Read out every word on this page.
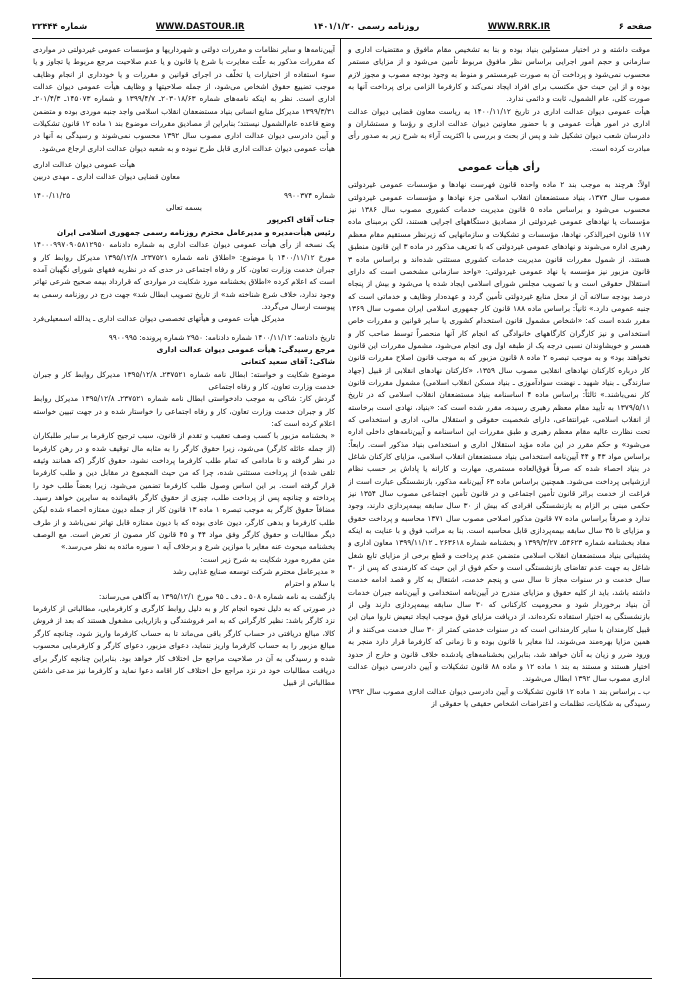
شماره ۲۲۴۴۴	WWW.DASTOUR.IR	روزنامه رسمی ۱۴۰۱/۱/۲۰	WWW.RRK.IR	صفحه ۶

موقت داشته و در اختیار مسئولین بنیاد بوده و بنا به تشخیص مقام مافوق و مقتضیات اداری و سازمانی و حجم امور اجرایی براساس نظر مافوق مربوط تأمین می‌شود و از مزایای مستمر محسوب نمی‌شود و پرداخت آن به صورت غیرمستمر و منوط به وجود بودجه مصوب و مجوز لازم بوده و از این حیث حق مکتسب برای افراد ایجاد نمی‌کند و کارفرما الزامی برای پرداخت آنها به صورت کلی، عام الشمول، ثابت و دائمی ندارد.

هیأت عمومی دیوان عدالت اداری در تاریخ ۱۴۰۰/۱۱/۱۲ به ریاست معاون قضایی دیوان عدالت اداری در امور هیأت عمومی و با حضور معاونین دیوان عدالت اداری و رؤسا و مستشاران و دادرسان شعب دیوان تشکیل شد و پس از بحث و بررسی با اکثریت آراء به شرح زیر به صدور رأی مبادرت کرده است.

رأی هیأت عمومی

اولاً: هرچند به موجب بند ۲ ماده واحده قانون فهرست نهادها و مؤسسات عمومی غیردولتی مصوب سال ۱۳۷۳، بنیاد مستضعفان انقلاب اسلامی جزء نهادها و مؤسسات عمومی غیردولتی محسوب می‌شود و براساس ماده ۵ قانون مدیریت خدمات کشوری مصوب سال ۱۳۸۶ نیز مؤسسات یا نهادهای عمومی غیردولتی از مصادیق دستگاههای اجرایی هستند، لکن برمبنای ماده ۱۱۷ قانون اخیرالذکر، نهادها، مؤسسات و تشکیلات و سازمانهایی که زیرنظر مستقیم مقام معظم رهبری اداره می‌شوند و نهادهای عمومی غیردولتی که با تعریف مذکور در ماده ۳ این قانون منطبق هستند، از شمول مقررات قانون مدیریت خدمات کشوری مستثنی شده‌اند و براساس ماده ۳ قانون مزبور نیز مؤسسه یا نهاد عمومی غیردولتی: «واحد سازمانی مشخصی است که دارای استقلال حقوقی است و با تصویب مجلس شورای اسلامی ایجاد شده یا می‌شود و بیش از پنجاه درصد بودجه سالانه آن از محل منابع غیردولتی تأمین گردد و عهده‌دار وظایف و خدماتی است که جنبه عمومی دارد.» ثانیاً: براساس ماده ۱۸۸ قانون کار جمهوری اسلامی ایران مصوب سال ۱۳۶۹ مقرر شده است که: «اشخاص مشمول قانون استخدام کشوری یا سایر قوانین و مقررات خاص استخدامی و نیز کارگران کارگاههای خانوادگی که انجام کار آنها منحصراً توسط صاحب کار و همسر و خویشاوندان نسبی درجه یک از طبقه اول وی انجام می‌شود، مشمول مقررات این قانون نخواهند بود» و به موجب تبصره ۲ ماده ۸ قانون مزبور که به موجب قانون اصلاح مقررات قانون کار درباره کارکنان نهادهای انقلابی مصوب سال ۱۳۵۹، «کارکنان نهادهای انقلابی از قبیل (جهاد سازندگی ـ بنیاد شهید ـ نهضت سوادآموزی ـ بنیاد مسکن انقلاب اسلامی) مشمول مقررات قانون کار نمی‌باشند.» ثالثاً: براساس ماده ۴ اساسنامه بنیاد مستضعفان انقلاب اسلامی که در تاریخ ۱۳۷۹/۵/۱۱ به تأیید مقام معظم رهبری رسیده، مقرر شده است که: «بنیاد، نهادی است برخاسته از انقلاب اسلامی، غیرانتفاعی، دارای شخصیت حقوقی و استقلال مالی، اداری و استخدامی که تحت نظارت عالیه مقام معظم رهبری و طبق مقررات این اساسنامه و آیین‌نامه‌های داخلی اداره می‌شود» و حکم مقرر در این ماده مؤید استقلال اداری و استخدامی بنیاد مذکور است. رابعاً: براساس مواد ۴۳ و ۴۴ آیین‌نامه استخدامی بنیاد مستضعفان انقلاب اسلامی، مزایای کارکنان شاغل در بنیاد احصاء شده که صرفاً فوق‌العاده مستمری، مهارت و کارانه یا پاداش بر حسب نظام ارزشیابی پرداخت می‌شود. همچنین براساس ماده ۶۳ آیین‌نامه مذکور، بازنشستگی عبارت است از فراغت از خدمت براثر قانون تأمین اجتماعی و در قانون تأمین اجتماعی مصوب سال ۱۳۵۴ نیز حکمی مبنی بر الزام به بازنشستگی افرادی که بیش از ۳۰ سال سابقه بیمه‌پردازی دارند، وجود ندارد و صرفاً براساس ماده ۷۷ قانون مذکور اصلاحی مصوب سال ۱۳۷۱ محاسبه و پرداخت حقوق و مزایای تا ۳۵ سال سابقه بیمه‌پردازی قابل محاسبه است. بنا به مراتب فوق و با عنایت به اینکه مفاد بخشنامه شماره ۵۴۶۲۳ـ ۱۳۹۹/۳/۲۷ و بخشنامه شماره ۲۶۳۶۱۸ ـ ۱۳۹۹/۱۱/۱۲ معاون اداری و پشتیبانی بنیاد مستضعفان انقلاب اسلامی متضمن عدم پرداخت و قطع برخی از مزایای تابع شغل شاغل به جهت عدم تقاضای بازنشستگی است و حکم فوق از این حیث که کارمندی که پس از ۳۰ سال خدمت و در سنوات مجاز تا سال سی و پنجم خدمت، اشتغال به کار و قصد ادامه خدمت داشته باشد، باید از کلیه حقوق و مزایای مندرج در آیین‌نامه استخدامی و آیین‌نامه جبران خدمات آن بنیاد برخوردار شود و محرومیت کارکنانی که ۳۰ سال سابقه بیمه‌پردازی دارند ولی از بازنشستگی به اختیار استفاده نکرده‌اند، از دریافت مزایای فوق موجب ایجاد تبعیض ناروا میان این قبیل کارمندان با سایر کارمندانی است که در سنوات خدمتی کمتر از ۳۰ سال خدمت می‌کنند و از همین مزایا بهره‌مند می‌شوند، لذا مغایر با قانون بوده و تا زمانی که کارفرما قرار دارد منجر به ورود ضرر و زیان به آنان خواهد شد، بنابراین بخشنامه‌های یادشده خلاف قانون و خارج از حدود اختیار هستند و مستند به بند ۱ ماده ۱۲ و ماده ۸۸ قانون تشکیلات و آیین دادرسی دیوان عدالت اداری مصوب سال ۱۳۹۲ ابطال می‌شوند.

ب ـ براساس بند ۱ ماده ۱۲ قانون تشکیلات و آیین دادرسی دیوان عدالت اداری مصوب سال ۱۳۹۲ رسیدگی به شکایات، تظلمات و اعتراضات اشخاص حقیقی یا حقوقی از

آیین‌نامه‌ها و سایر نظامات و مقررات دولتی و شهرداریها و مؤسسات عمومی غیردولتی در مواردی که مقررات مذکور به علّت مغایرت با شرع یا قانون و یا عدم صلاحیت مرجع مربوط یا تجاوز و یا سوء استفاده از اختیارات یا تخلّف در اجرای قوانین و مقررات و یا خودداری از انجام وظایف موجب تضییع حقوق اشخاص می‌شود، از جمله صلاحیتها و وظایف هیأت عمومی دیوان عدالت اداری است. نظر به اینکه نامه‌های شماره ۲۰۳۰۱۸/۶۳ـ ۱۳۹۹/۴/۷ و شماره ۱۴۵۰۷۳ـ ۲۰۱/۴/۳ـ ۱۳۹۹/۳/۳۱ مدیرکل منابع انسانی بنیاد مستضعفان انقلاب اسلامی واجد جنبه موردی بوده و متضمن وضع قاعده عام‌الشمول نیستند؛ بنابراین از مصادیق مقررات موضوع بند ۱ ماده ۱۲ قانون تشکیلات و آیین دادرسی دیوان عدالت اداری مصوب سال ۱۳۹۲ محسوب نمی‌شوند و رسیدگی به آنها در هیأت عمومی دیوان عدالت اداری قابل طرح نبوده و به شعبه دیوان عدالت اداری ارجاع می‌شود.

هیأت عمومی دیوان عدالت اداری

معاون قضایی دیوان عدالت اداری ـ مهدی دربین

شماره ۹۹۰۰۳۷۴
۱۴۰۰/۱۱/۲۵

بسمه تعالی

جناب آقای اکبرپور

رئیس هیأت‌مدیره و مدیرعامل محترم روزنامه رسمی جمهوری اسلامی ایران

یک نسخه از رأی هیأت عمومی دیوان عدالت اداری به شماره دادنامه ۱۴۰۰۰۹۹۷۰۹۰۵۸۱۲۹۵۰ مورخ ۱۴۰۰/۱۱/۱۲ با موضوع: «اطلاق نامه شماره ۲۳۷۵۲۱ـ ۱۳۹۵/۱۲/۸ مدیرکل روابط کار و جبران خدمت وزارت تعاون، کار و رفاه اجتماعی در حدی که در نظریه فقهای شورای نگهبان آمده است که اعلام کرده «اطلاق بخشنامه مورد شکایت در مواردی که قرارداد بیمه صحیح شرعی تهاتر وجود ندارد، خلاف شرع شناخته شد» از تاریخ تصویب ابطال شد» جهت درج در روزنامه رسمی به پیوست ارسال می‌گردد.

مدیرکل هیأت عمومی و هیأتهای تخصصی دیوان عدالت اداری ـ یدالله اسمعیلی‌فرد

تاریخ دادنامه: ۱۴۰۰/۱۱/۱۲ شماره دادنامه: ۲۹۵۰ شماره پرونده: ۹۹۰۰۹۹۵

مرجع رسیدگی: هیأت عمومی دیوان عدالت اداری

شاکی: آقای سعید کتعانی

موضوع شکایت و خواسته: ابطال نامه شماره ۲۳۷۵۲۱ـ ۱۳۹۵/۱۲/۸ مدیرکل روابط کار و جبران خدمت وزارت تعاون، کار و رفاه اجتماعی

گردش کار: شاکی به موجب دادخواستی ابطال نامه شماره ۲۳۷۵۲۱ـ ۱۳۹۵/۱۲/۸ مدیرکل روابط کار و جبران خدمت وزارت تعاون، کار و رفاه اجتماعی را خواستار شده و در جهت تبیین خواسته اعلام کرده است که:

« بخشنامه مزبور با کسب وصف تعقیب و تقدم از قانون، سبب ترجیح کارفرما بر سایر طلبکاران (از جمله عائله کارگر) می‌شود، زیرا حقوق کارگر را به مثابه مال توقیف شده و در رهن کارفرما در نظر گرفته و تا مادامی که تمام طلب کارفرما پرداخت نشود، حقوق کارگر (که همانند وثیقه تلقی شده) از پرداخت مستثنی شده، چرا که من حیث المجموع در مقابل دین و طلب کارفرما قرار گرفته است. بر این اساس وصول طلب کارفرما تضمین می‌شود، زیرا بعضاً طلب خود را پرداخته و چنانچه پس از پرداخت طلب، چیزی از حقوق کارگر باقیمانده به سایرین خواهد رسید. مضافاً حقوق کارگر به موجب تبصره ۱ ماده ۱۳ قانون کار از جمله دیون ممتازه احصاء شده لیکن طلب کارفرما و بدهی کارگر، دیون عادی بوده که با دیون ممتازه قابل تهاتر نمی‌باشد و از طرف دیگر مطالبات و حقوق کارگر وفق مواد ۴۴ و ۴۵ قانون کار مصون از تعرض است. مع الوصف بخشنامه مبحوث عنه مغایر با موازین شرع و برخلاف آیه ۱ سوره مائده به نظر می‌رسد.»

متن مقرره مورد شکایت به شرح زیر است:

« مدیرعامل محترم شرکت توسعه صنایع غذایی رشد

با سلام و احترام

بازگشت به نامه شماره ۵۰۸ ـ دف ـ ۹۵ مورخ ۱۳۹۵/۱۲/۱ به آگاهی می‌رساند:

در صورتی که به دلیل نحوه انجام کار و به دلیل روابط کارگری و کارفرمایی، مطالباتی از کارفرما نزد کارگر باشد: نظیر کارگرانی که به امر فروشندگی و بازاریابی مشغول هستند که بعد از فروش کالا، مبالغ دریافتی در حساب کارگر باقی می‌ماند تا به حساب کارفرما واریز شود، چنانچه کارگر مبالغ مزبور را به حساب کارفرما واریز ننماید، دعوای مزبور، دعوای کارگر و کارفرمایی محسوب شده و رسیدگی به آن در صلاحیت مراجع حل اختلاف کار خواهد بود. بنابراین چنانچه کارگر برای دریافت مطالبات خود در نزد مراجع حل اختلاف کار اقامه دعوا نماید و کارفرما نیز مدعی داشتن مطالباتی از قبیل
